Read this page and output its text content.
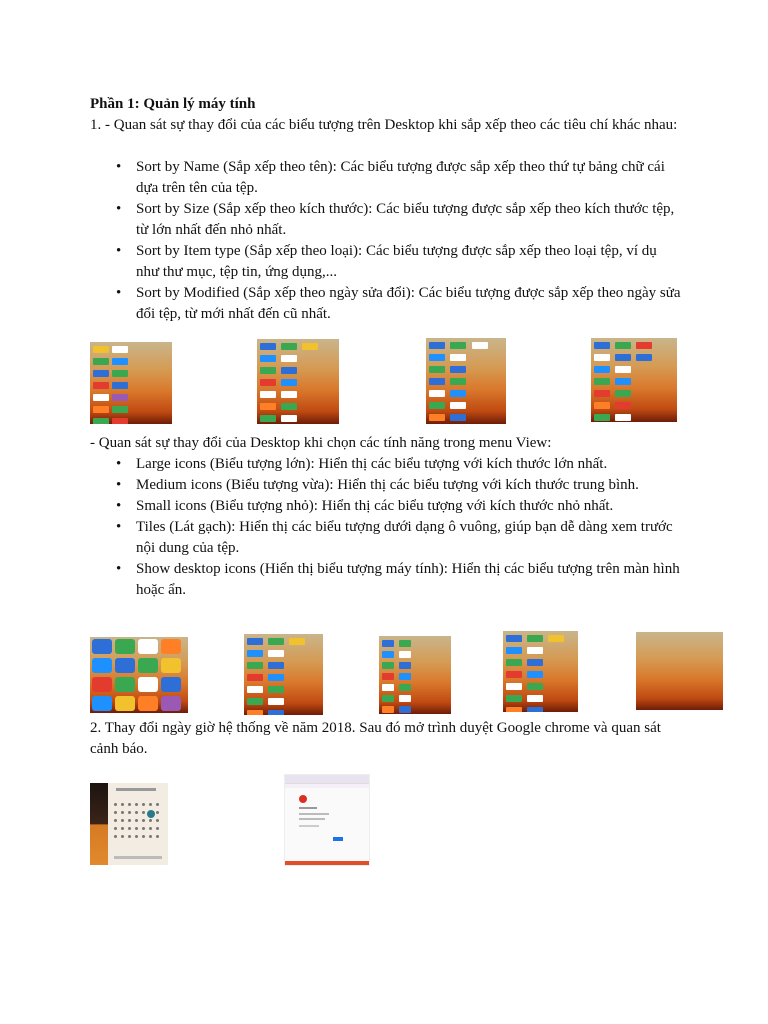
Phần 1: Quản lý máy tính

1. - Quan sát sự thay đổi của các biểu tượng trên Desktop khi sắp xếp theo các tiêu chí khác nhau:

• Sort by Name (Sắp xếp theo tên): Các biểu tượng được sắp xếp theo thứ tự bảng chữ cái dựa trên tên của tệp.
• Sort by Size (Sắp xếp theo kích thước): Các biểu tượng được sắp xếp theo kích thước tệp, từ lớn nhất đến nhỏ nhất.
• Sort by Item type (Sắp xếp theo loại): Các biểu tượng được sắp xếp theo loại tệp, ví dụ như thư mục, tệp tin, ứng dụng,...
• Sort by Modified (Sắp xếp theo ngày sửa đổi): Các biểu tượng được sắp xếp theo ngày sửa đổi tệp, từ mới nhất đến cũ nhất.

- Quan sát sự thay đổi của Desktop khi chọn các tính năng trong menu View:

• Large icons (Biểu tượng lớn): Hiển thị các biểu tượng với kích thước lớn nhất.
• Medium icons (Biểu tượng vừa): Hiển thị các biểu tượng với kích thước trung bình.
• Small icons (Biểu tượng nhỏ): Hiển thị các biểu tượng với kích thước nhỏ nhất.
• Tiles (Lát gạch): Hiển thị các biểu tượng dưới dạng ô vuông, giúp bạn dễ dàng xem trước nội dung của tệp.
• Show desktop icons (Hiển thị biểu tượng máy tính): Hiển thị các biểu tượng trên màn hình hoặc ẩn.

2. Thay đổi ngày giờ hệ thống về năm 2018. Sau đó mở trình duyệt Google chrome và quan sát cảnh báo.
